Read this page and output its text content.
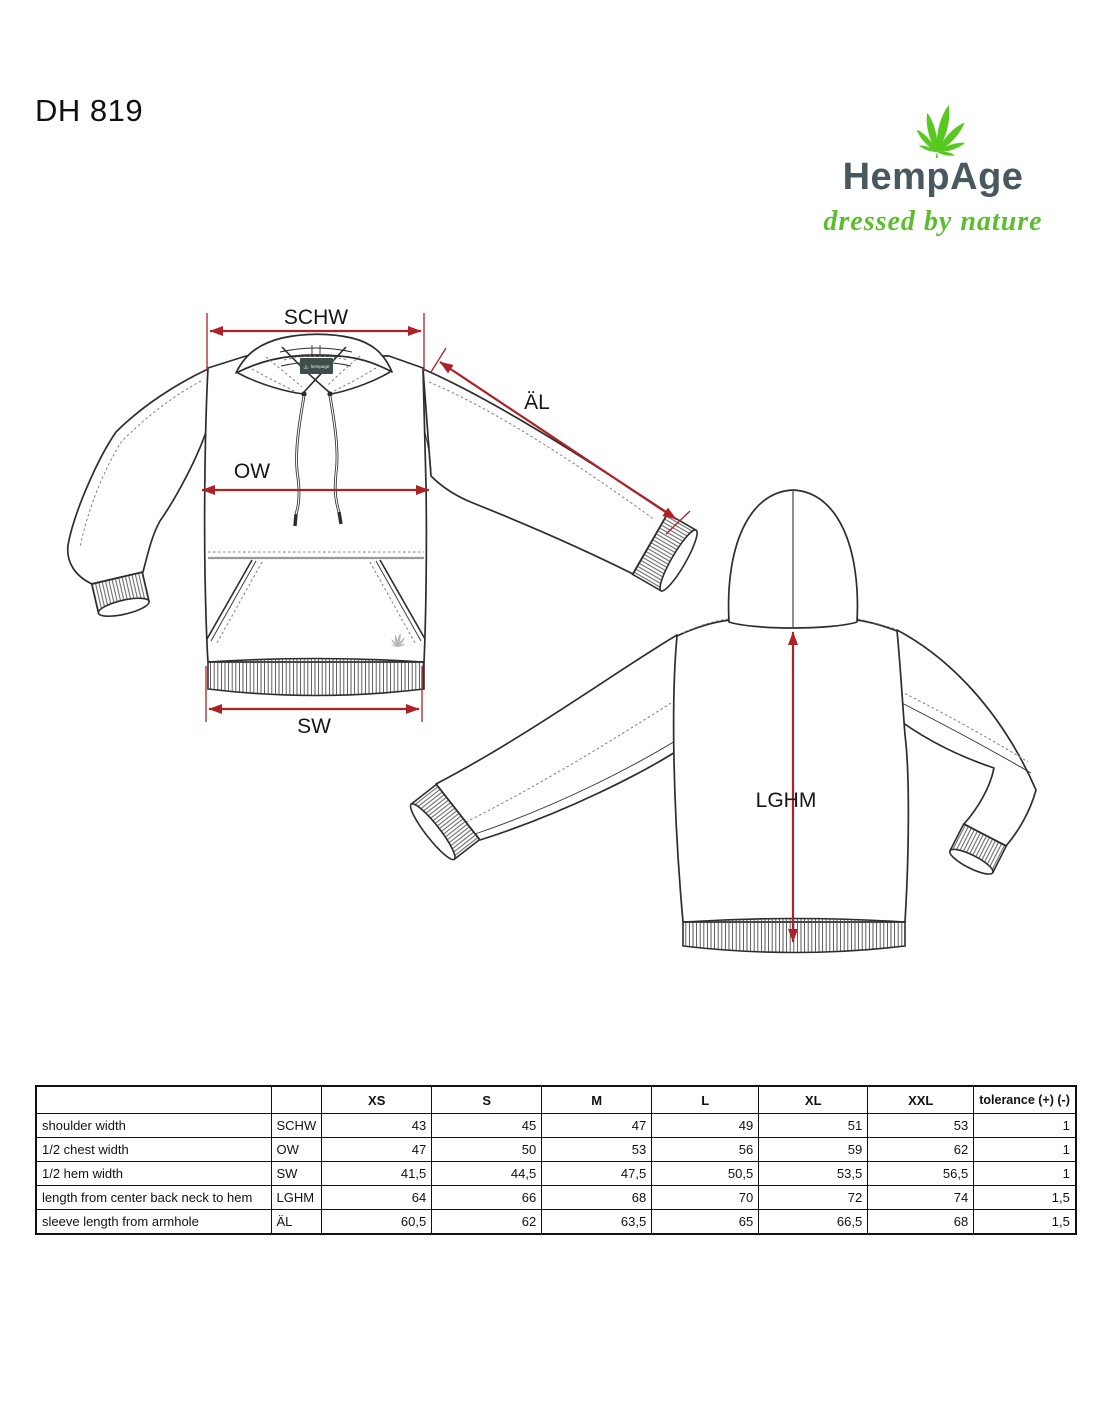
DH 819
HempAge
dressed by nature
hempage
SCHW
OW
ÄL
SW
LGHM
		XS	S	M	L	XL	XXL	tolerance (+) (-)
shoulder width	SCHW	43	45	47	49	51	53	1
1/2 chest width	OW	47	50	53	56	59	62	1
1/2 hem width	SW	41,5	44,5	47,5	50,5	53,5	56,5	1
length from center back neck to hem	LGHM	64	66	68	70	72	74	1,5
sleeve length from armhole	ÄL	60,5	62	63,5	65	66,5	68	1,5
